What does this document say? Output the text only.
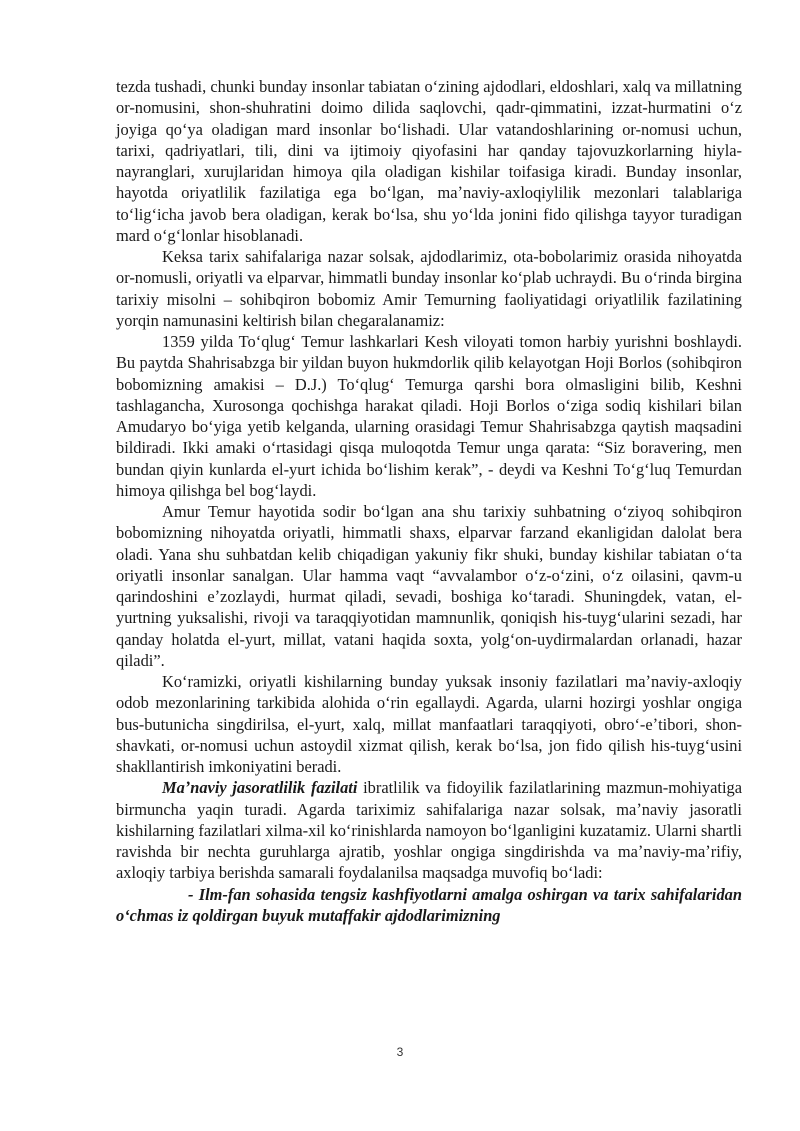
tezda tushadi, chunki bunday insonlar tabiatan oʻzining ajdodlari, eldoshlari, xalq va millatning or-nomusini, shon-shuhratini doimo dilida saqlovchi, qadr-qimmatini, izzat-hurmatini oʻz joyiga qoʻya oladigan mard insonlar boʻlishadi. Ular vatandoshlarining or-nomusi uchun, tarixi, qadriyatlari, tili, dini va ijtimoiy qiyofasini har qanday tajovuzkorlarning hiyla-nayranglari, xurujlaridan himoya qila oladigan kishilar toifasiga kiradi. Bunday insonlar, hayotda oriyatlilik fazilatiga ega boʻlgan, maʼnaviy-axloqiylilik mezonlari talablariga toʻligʻicha javob bera oladigan, kerak boʻlsa, shu yoʻlda jonini fido qilishga tayyor turadigan mard oʻgʻlonlar hisoblanadi.

Keksa tarix sahifalariga nazar solsak, ajdodlarimiz, ota-bobolarimiz orasida nihoyatda or-nomusli, oriyatli va elparvar, himmatli bunday insonlar koʻplab uchraydi. Bu oʻrinda birgina tarixiy misolni – sohibqiron bobomiz Amir Temurning faoliyatidagi oriyatlilik fazilatining yorqin namunasini keltirish bilan chegaralanamiz:

1359 yilda Toʻqlugʻ Temur lashkarlari Kesh viloyati tomon harbiy yurishni boshlaydi. Bu paytda Shahrisabzga bir yildan buyon hukmdorlik qilib kelayotgan Hoji Borlos (sohibqiron bobomizning amakisi – D.J.) Toʻqlugʻ Temurga qarshi bora olmasligini bilib, Keshni tashlagancha, Xurosonga qochishga harakat qiladi. Hoji Borlos oʻziga sodiq kishilari bilan Amudaryo boʻyiga yetib kelganda, ularning orasidagi Temur Shahrisabzga qaytish maqsadini bildiradi. Ikki amaki oʻrtasidagi qisqa muloqotda Temur unga qarata: “Siz boravering, men bundan qiyin kunlarda el-yurt ichida boʻlishim kerak”, - deydi va Keshni Toʻgʻluq Temurdan himoya qilishga bel bogʻlaydi.

Amur Temur hayotida sodir boʻlgan ana shu tarixiy suhbatning oʻziyoq sohibqiron bobomizning nihoyatda oriyatli, himmatli shaxs, elparvar farzand ekanligidan dalolat bera oladi. Yana shu suhbatdan kelib chiqadigan yakuniy fikr shuki, bunday kishilar tabiatan oʻta oriyatli insonlar sanalgan. Ular hamma vaqt “avvalambor oʻz-oʻzini, oʻz oilasini, qavm-u qarindoshini eʼzozlaydi, hurmat qiladi, sevadi, boshiga koʻtaradi. Shuningdek, vatan, el-yurtning yuksalishi, rivoji va taraqqiyotidan mamnunlik, qoniqish his-tuygʻularini sezadi, har qanday holatda el-yurt, millat, vatani haqida soxta, yolgʻon-uydirmalardan orlanadi, hazar qiladi”.

Koʻramizki, oriyatli kishilarning bunday yuksak insoniy fazilatlari maʼnaviy-axloqiy odob mezonlarining tarkibida alohida oʻrin egallaydi. Agarda, ularni hozirgi yoshlar ongiga bus-butunicha singdirilsa, el-yurt, xalq, millat manfaatlari taraqqiyoti, obroʻ-eʼtibori, shon-shavkati, or-nomusi uchun astoydil xizmat qilish, kerak boʻlsa, jon fido qilish his-tuygʻusini shakllantirish imkoniyatini beradi.

Maʼnaviy jasoratlilik fazilati ibratlilik va fidoyilik fazilatlarining mazmun-mohiyatiga birmuncha yaqin turadi. Agarda tariximiz sahifalariga nazar solsak, maʼnaviy jasoratli kishilarning fazilatlari xilma-xil koʻrinishlarda namoyon boʻlganligini kuzatamiz. Ularni shartli ravishda bir nechta guruhlarga ajratib, yoshlar ongiga singdirishda va maʼnaviy-maʼrifiy, axloqiy tarbiya berishda samarali foydalanilsa maqsadga muvofiq boʻladi:

- Ilm-fan sohasida tengsiz kashfiyotlarni amalga oshirgan va tarix sahifalaridan oʻchmas iz qoldirgan buyuk mutaffakir ajdodlarimizning

3
